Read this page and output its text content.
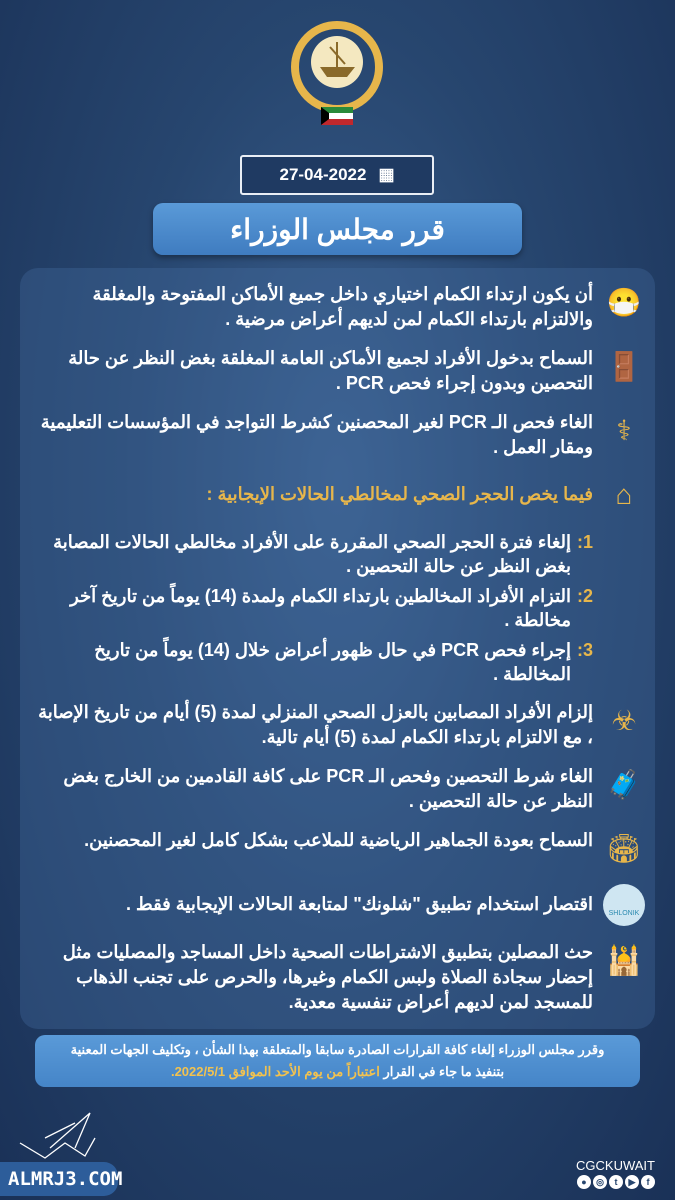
27-04-2022 ▦
قرر مجلس الوزراء
😷
أن يكون ارتداء الكمام اختياري داخل جميع الأماكن المفتوحة والمغلقة والالتزام بارتداء الكمام لمن لديهم أعراض مرضية .
🚪
السماح بدخول الأفراد لجميع الأماكن العامة المغلقة بغض النظر عن حالة التحصين وبدون إجراء فحص PCR .
⚕
الغاء فحص الـ PCR لغير المحصنين كشرط التواجد في المؤسسات التعليمية ومقار العمل .
⌂
فيما يخص الحجر الصحي لمخالطي الحالات الإيجابية :
1:
إلغاء فترة الحجر الصحي المقررة على الأفراد مخالطي الحالات المصابة بغض النظر عن حالة التحصين .
2:
التزام الأفراد المخالطين بارتداء الكمام ولمدة (14) يوماً من تاريخ آخر مخالطة .
3:
إجراء فحص PCR في حال ظهور أعراض خلال (14) يوماً من تاريخ المخالطة .
☣
إلزام الأفراد المصابين بالعزل الصحي المنزلي لمدة (5) أيام من تاريخ الإصابة ، مع الالتزام بارتداء الكمام لمدة (5) أيام تالية.
🧳
الغاء شرط التحصين وفحص الـ PCR على كافة القادمين من الخارج بغض النظر عن حالة التحصين .
🏟
السماح بعودة الجماهير الرياضية للملاعب بشكل كامل لغير المحصنين.
SHLONIK
اقتصار استخدام تطبيق "شلونك" لمتابعة الحالات الإيجابية فقط .
🕌
حث المصلين بتطبيق الاشتراطات الصحية داخل المساجد والمصليات مثل إحضار سجادة الصلاة ولبس الكمام وغيرها، والحرص على تجنب الذهاب للمسجد لمن لديهم أعراض تنفسية معدية.
وقرر مجلس الوزراء إلغاء كافة القرارات الصادرة سابقا والمتعلقة بهذا الشأن ، وتكليف الجهات المعنية
بتنفيذ ما جاء في القرار اعتباراً من يوم الأحد الموافق 2022/5/1.
ALMRJ3.COM
CGCKUWAIT
●	◎	t	▶	f
